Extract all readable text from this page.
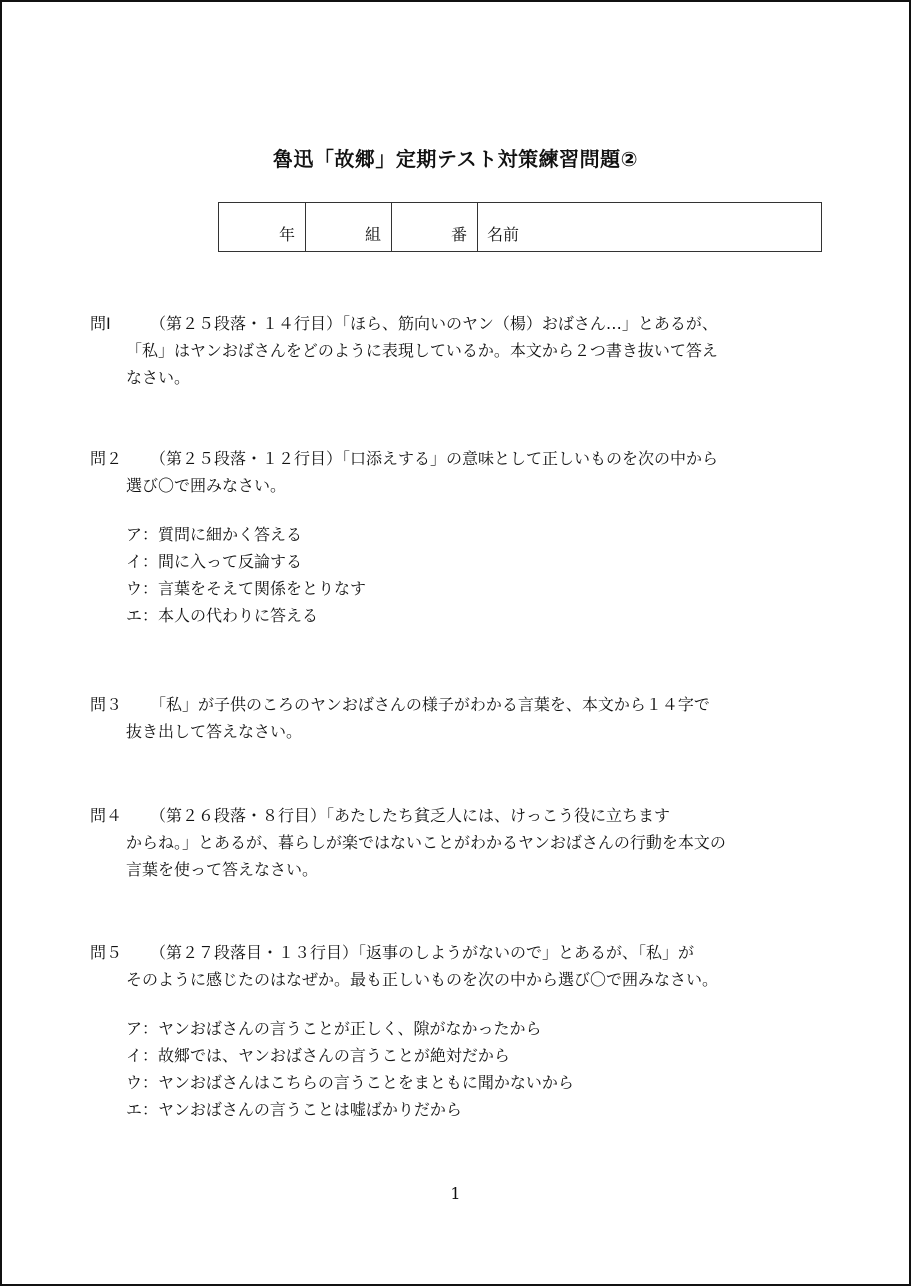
魯迅「故郷」定期テスト対策練習問題②
年	組	番 名前
問Ⅰ （第２５段落・１４行目）「ほら、筋向いのヤン（楊）おばさん…」とあるが、
「私」はヤンおばさんをどのように表現しているか。本文から２つ書き抜いて答え
なさい。
問２ （第２５段落・１２行目）「口添えする」の意味として正しいものを次の中から
選び〇で囲みなさい。
ア：質問に細かく答える
イ：間に入って反論する
ウ：言葉をそえて関係をとりなす
エ：本人の代わりに答える
問３ 「私」が子供のころのヤンおばさんの様子がわかる言葉を、本文から１４字で
抜き出して答えなさい。
問４ （第２６段落・８行目）「あたしたち貧乏人には、けっこう役に立ちます
からね。」とあるが、暮らしが楽ではないことがわかるヤンおばさんの行動を本文の
言葉を使って答えなさい。
問５ （第２７段落目・１３行目）「返事のしようがないので」とあるが、「私」が
そのように感じたのはなぜか。最も正しいものを次の中から選び〇で囲みなさい。
ア：ヤンおばさんの言うことが正しく、隙がなかったから
イ：故郷では、ヤンおばさんの言うことが絶対だから
ウ：ヤンおばさんはこちらの言うことをまともに聞かないから
エ：ヤンおばさんの言うことは嘘ばかりだから
1
